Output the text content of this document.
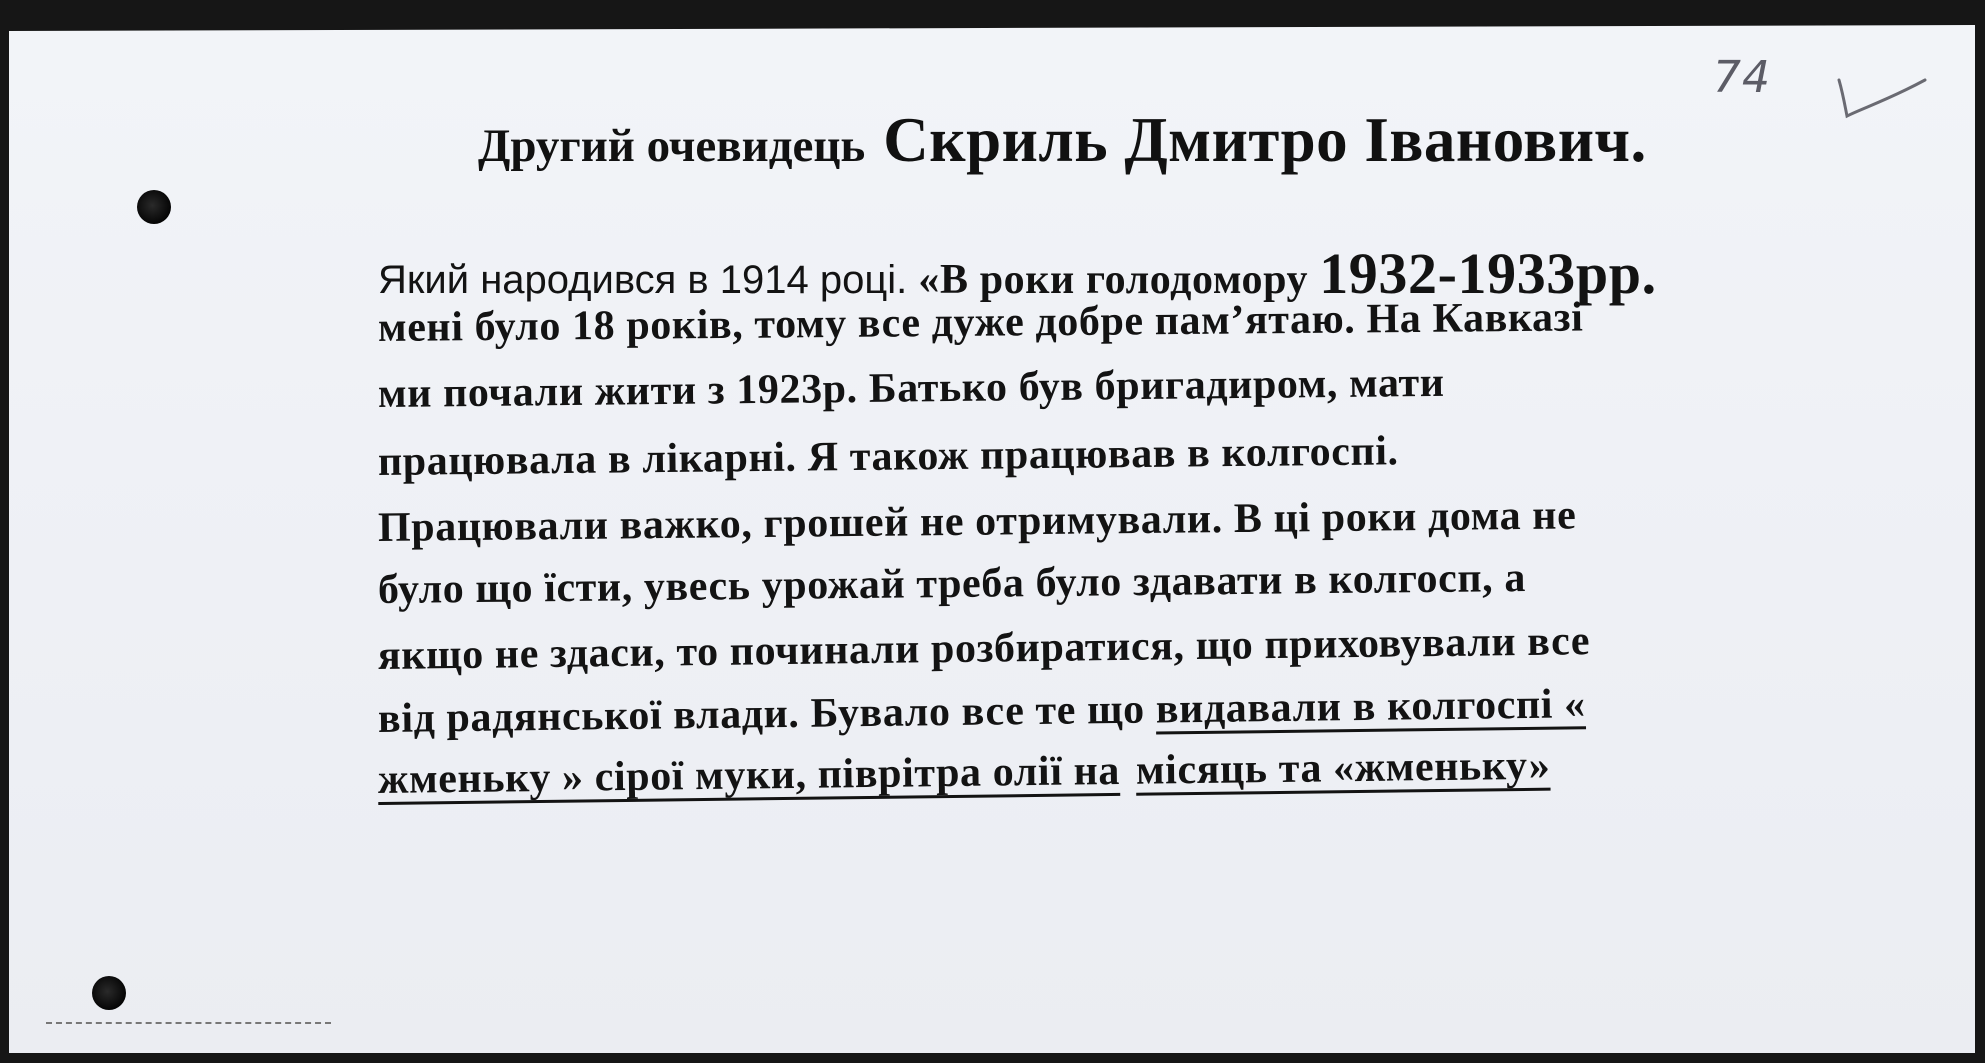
74
Другий очевидець Скриль Дмитро Іванович.
Який народився в 1914 році. «В роки голодомору 1932-1933рр.
мені було 18 років, тому все дуже добре пам’ятаю. На Кавказі
ми почали жити з 1923р. Батько був бригадиром, мати
працювала в лікарні. Я також працював в колгоспі.
Працювали важко, грошей не отримували. В ці роки дома не
було що їсти, увесь урожай треба було здавати в колгосп, а
якщо не здаси, то починали розбиратися, що приховували все
від радянської влади. Бувало все те що видавали в колгоспі «
жменьку » сірої муки, піврітра олії на місяць та «жменьку»
